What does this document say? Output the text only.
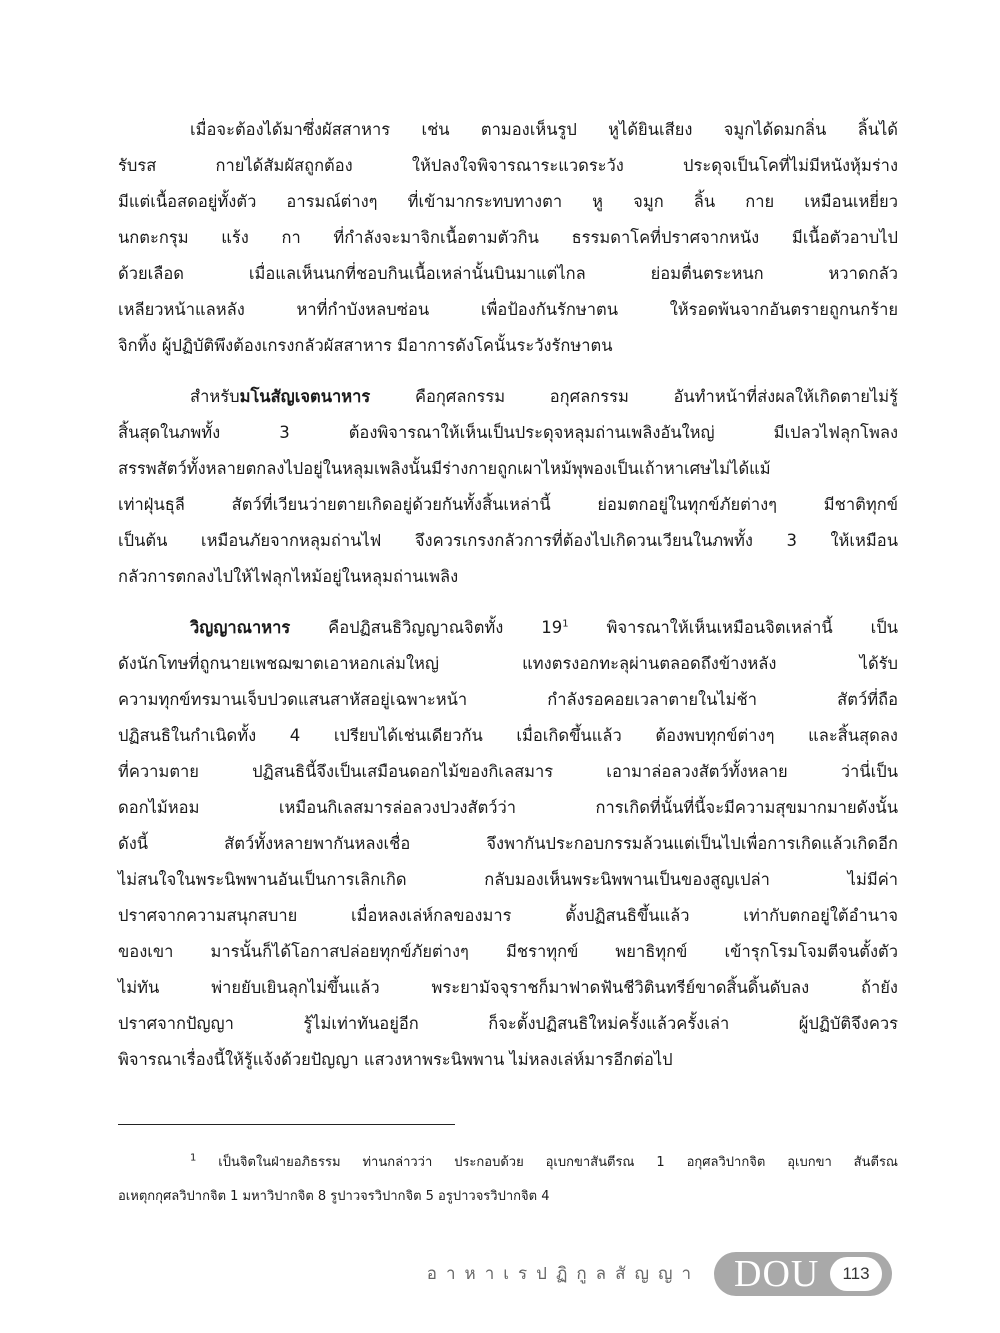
เมื่อจะต้องได้มาซึ่งผัสสาหาร เช่น ตามองเห็นรูป หูได้ยินเสียง จมูกได้ดมกลิ่น ลิ้นได้
รับรส กายได้สัมผัสถูกต้อง ให้ปลงใจพิจารณาระแวดระวัง ประดุจเป็นโคที่ไม่มีหนังหุ้มร่าง
มีแต่เนื้อสดอยู่ทั้งตัว อารมณ์ต่างๆ ที่เข้ามากระทบทางตา หู จมูก ลิ้น กาย เหมือนเหยี่ยว
นกตะกรุม แร้ง กา ที่กำลังจะมาจิกเนื้อตามตัวกิน ธรรมดาโคที่ปราศจากหนัง มีเนื้อตัวอาบไป
ด้วยเลือด เมื่อแลเห็นนกที่ชอบกินเนื้อเหล่านั้นบินมาแต่ไกล ย่อมตื่นตระหนก หวาดกลัว
เหลียวหน้าแลหลัง หาที่กำบังหลบซ่อน เพื่อป้องกันรักษาตน ให้รอดพ้นจากอันตรายถูกนกร้าย
จิกทิ้ง ผู้ปฏิบัติพึงต้องเกรงกลัวผัสสาหาร มีอาการดังโคนั้นระวังรักษาตน
สำหรับมโนสัญเจตนาหาร คือกุศลกรรม อกุศลกรรม อันทำหน้าที่ส่งผลให้เกิดตายไม่รู้
สิ้นสุดในภพทั้ง 3 ต้องพิจารณาให้เห็นเป็นประดุจหลุมถ่านเพลิงอันใหญ่ มีเปลวไฟลุกโพลง
สรรพสัตว์ทั้งหลายตกลงไปอยู่ในหลุมเพลิงนั้นมีร่างกายถูกเผาไหม้พุพองเป็นเถ้าหาเศษไม่ได้แม้
เท่าฝุ่นธุลี สัตว์ที่เวียนว่ายตายเกิดอยู่ด้วยกันทั้งสิ้นเหล่านี้ ย่อมตกอยู่ในทุกข์ภัยต่างๆ มีชาติทุกข์
เป็นต้น เหมือนภัยจากหลุมถ่านไฟ จึงควรเกรงกลัวการที่ต้องไปเกิดวนเวียนในภพทั้ง 3 ให้เหมือน
กลัวการตกลงไปให้ไฟลุกไหม้อยู่ในหลุมถ่านเพลิง
วิญญาณาหาร คือปฏิสนธิวิญญาณจิตทั้ง $19^1$ พิจารณาให้เห็นเหมือนจิตเหล่านี้ เป็น
ดังนักโทษที่ถูกนายเพชฌฆาตเอาหอกเล่มใหญ่ แทงตรงอกทะลุผ่านตลอดถึงข้างหลัง ได้รับ
ความทุกข์ทรมานเจ็บปวดแสนสาหัสอยู่เฉพาะหน้า กำลังรอคอยเวลาตายในไม่ช้า สัตว์ที่ถือ
ปฏิสนธิในกำเนิดทั้ง 4 เปรียบได้เช่นเดียวกัน เมื่อเกิดขึ้นแล้ว ต้องพบทุกข์ต่างๆ และสิ้นสุดลง
ที่ความตาย ปฏิสนธินี้จึงเป็นเสมือนดอกไม้ของกิเลสมาร เอามาล่อลวงสัตว์ทั้งหลาย ว่านี่เป็น
ดอกไม้หอม เหมือนกิเลสมารล่อลวงปวงสัตว์ว่า การเกิดที่นั้นที่นี้จะมีความสุขมากมายดังนั้น
ดังนี้ สัตว์ทั้งหลายพากันหลงเชื่อ จึงพากันประกอบกรรมล้วนแต่เป็นไปเพื่อการเกิดแล้วเกิดอีก
ไม่สนใจในพระนิพพานอันเป็นการเลิกเกิด กลับมองเห็นพระนิพพานเป็นของสูญเปล่า ไม่มีค่า
ปราศจากความสนุกสบาย เมื่อหลงเล่ห์กลของมาร ตั้งปฏิสนธิขึ้นแล้ว เท่ากับตกอยู่ใต้อำนาจ
ของเขา มารนั้นก็ได้โอกาสปล่อยทุกข์ภัยต่างๆ มีชราทุกข์ พยาธิทุกข์ เข้ารุกโรมโจมตีจนตั้งตัว
ไม่ทัน พ่ายยับเยินลุกไม่ขึ้นแล้ว พระยามัจจุราชก็มาฟาดฟันชีวิตินทรีย์ขาดสิ้นดิ้นดับลง ถ้ายัง
ปราศจากปัญญา รู้ไม่เท่าทันอยู่อีก ก็จะตั้งปฏิสนธิใหม่ครั้งแล้วครั้งเล่า ผู้ปฏิบัติจึงควร
พิจารณาเรื่องนี้ให้รู้แจ้งด้วยปัญญา แสวงหาพระนิพพาน ไม่หลงเล่ห์มารอีกต่อไป
$^1$ เป็นจิตในฝ่ายอภิธรรม ท่านกล่าวว่า ประกอบด้วย อุเบกขาสันตีรณ 1 อกุศลวิปากจิต อุเบกขา สันตีรณ
อเหตุกกุศลวิปากจิต 1 มหาวิปากจิต 8 รูปาวจรวิปากจิต 5 อรูปาวจรวิปากจิต 4
อาหาเรปฏิกูลสัญญา DOU	113
